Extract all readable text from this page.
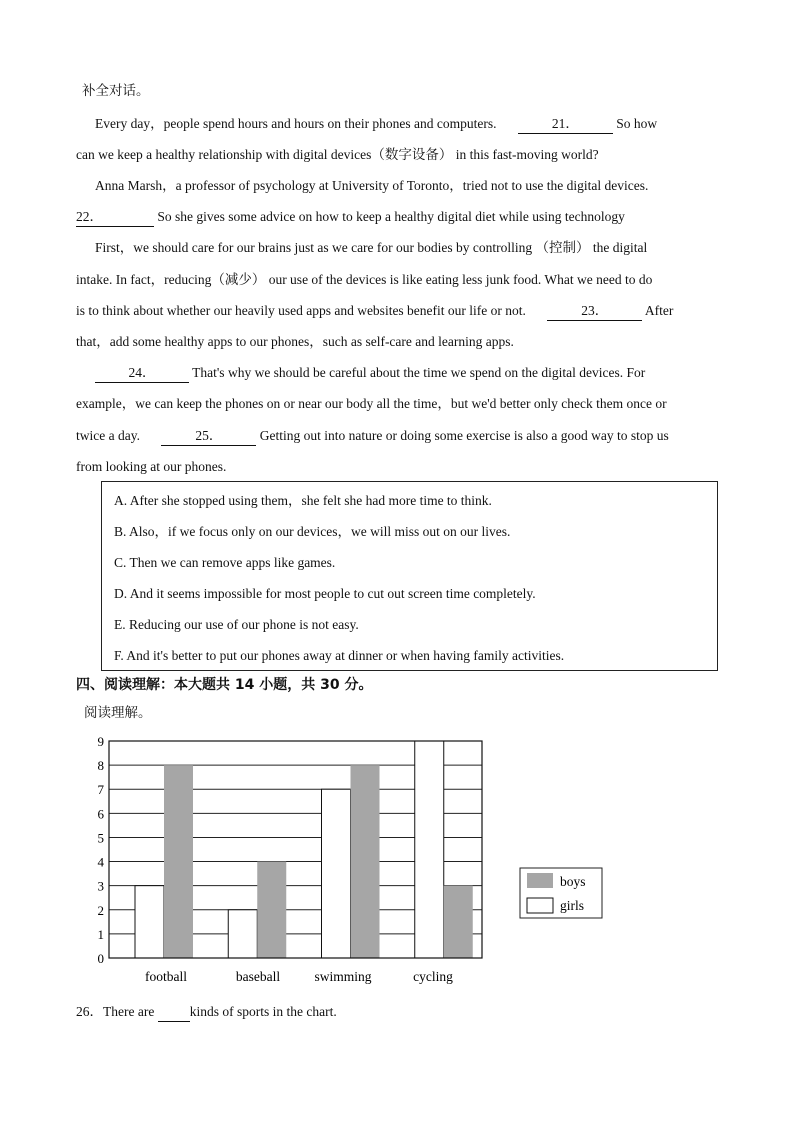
补全对话。
Every day，people spend hours and hours on their phones and computers.	21．	So how
can we keep a healthy relationship with digital devices（数字设备） in this fast-moving world?
Anna Marsh，a professor of psychology at University of Toronto，tried not to use the digital devices.
22．	So she gives some advice on how to keep a healthy digital diet while using technology
First，we should care for our brains just as we care for our bodies by controlling （控制） the digital
intake. In fact，reducing（减少） our use of the devices is like eating less junk food. What we need to do
is to think about whether our heavily used apps and websites benefit our life or not.	23．	After
that，add some healthy apps to our phones，such as self-care and learning apps.
24．	That's why we should be careful about the time we spend on the digital devices. For
example，we can keep the phones on or near our body all the time，but we'd better only check them once or
twice a day.	25．	Getting out into nature or doing some exercise is also a good way to stop us
from looking at our phones.
A. After she stopped using them，she felt she had more time to think.
B. Also，if we focus only on our devices，we will miss out on our lives.
C. Then we can remove apps like games.
D. And it seems impossible for most people to cut out screen time completely.
E. Reducing our use of our phone is not easy.
F. And it's better to put our phones away at dinner or when having family activities.
四、阅读理解：本大题共 14 小题，共 30 分。
阅读理解。
0
1
2
3
4
5
6
7
8
9
football	baseball	swimming	cycling
boys
girls
26．There are	kinds of sports in the chart.
